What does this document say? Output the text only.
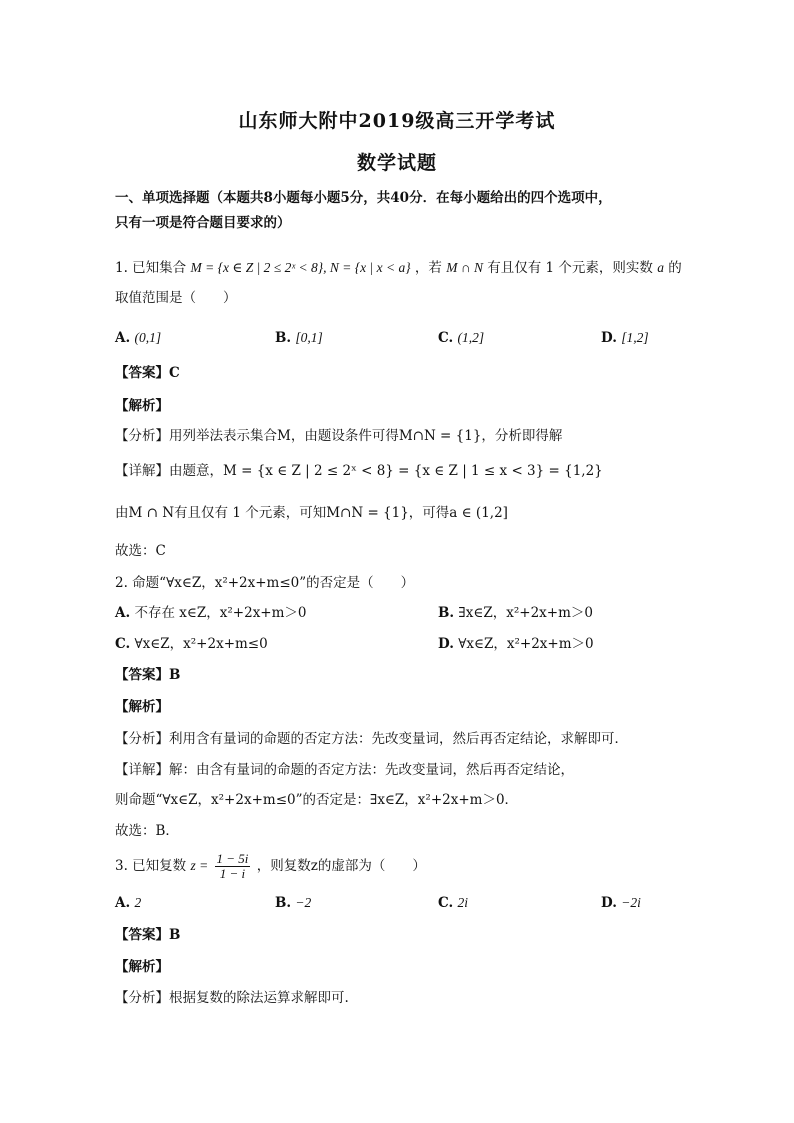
山东师大附中2019级高三开学考试
数学试题
一、单项选择题（本题共8小题每小题5分，共40分．在每小题给出的四个选项中，
只有一项是符合题目要求的）
1. 已知集合 M = {x ∈ Z | 2 ≤ 2ˣ < 8}, N = {x | x < a} ，若 M ∩ N 有且仅有 1 个元素，则实数 a 的
取值范围是（　　）
A. (0,1]	B. [0,1]	C. (1,2]	D. [1,2]
【答案】C
【解析】
【分析】用列举法表示集合M，由题设条件可得M∩N = {1}，分析即得解
【详解】由题意，M = {x ∈ Z | 2 ≤ 2ˣ < 8} = {x ∈ Z | 1 ≤ x < 3} = {1,2}
由M ∩ N有且仅有 1 个元素，可知M∩N = {1}，可得a ∈ (1,2]
故选：C
2. 命题“∀x∈Z，x²+2x+m≤0”的否定是（　　）
A. 不存在 x∈Z，x²+2x+m＞0	B. ∃x∈Z，x²+2x+m＞0
C. ∀x∈Z，x²+2x+m≤0	D. ∀x∈Z，x²+2x+m＞0
【答案】B
【解析】
【分析】利用含有量词的命题的否定方法：先改变量词，然后再否定结论，求解即可．
【详解】解：由含有量词的命题的否定方法：先改变量词，然后再否定结论，
则命题“∀x∈Z，x²+2x+m≤0”的否定是：∃x∈Z，x²+2x+m＞0．
故选：B．
3. 已知复数 $z = \frac{1 - 5i}{1 - i}$ ，则复数z的虚部为（　　）
A. 2	B. −2	C. 2i	D. −2i
【答案】B
【解析】
【分析】根据复数的除法运算求解即可.
